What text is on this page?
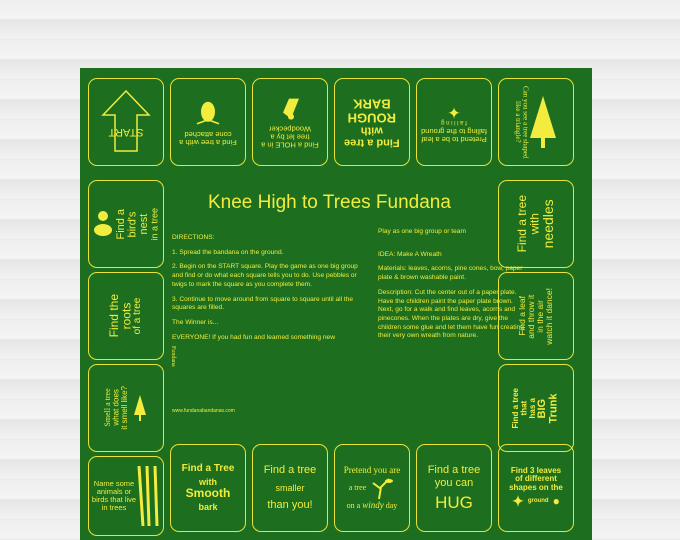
START
Find a tree with a cone attached
Find a HOLE in a tree let by a Woodpecker
Find a tree
with
ROUGH
BARK
Pretend to be a leaf falling to the ground
f a l l i n g
✦	Can you see a tree shaped like a triangle?
Find a bird's nest in a tree
Find the
roots
of a tree
Smell a tree what does it smell like?
Name some animals or birds that live in trees
Find a tree
with
needles
Find a leaf
and throw it
in the air
watch it dance!
Find a tree that has a BIG Trunk
Find a Tree
with
Smooth
bark
Find a tree
smaller
than you!
Pretend you are
a tree
on a windy day
Find a tree
you can
HUG
Find 3 leaves
of different
shapes on the
✦ ground ●
Knee High to Trees Fundana

DIRECTIONS:

1. Spread the bandana on the ground.

2. Begin on the START square. Play the game as one big group and find or do what each square tells you to do. Use pebbles or twigs to mark the square as you complete them.

3. Continue to move around from square to square until all the squares are filled.

The Winner is...

EVERYONE! If you had fun and learned something new

Play as one big group or team

IDEA: Make A Wreath

Materials: leaves, acorns, pine cones, bow, paper plate & brown washable paint.

Description: Cut the center out of a paper plate. Have the children paint the paper plate brown. Next, go for a walk and find leaves, acorns and pinecones. When the plates are dry, give the children some glue and let them have fun creating their very own wreath from nature.

www.fundanabandanas.com
Fundana
